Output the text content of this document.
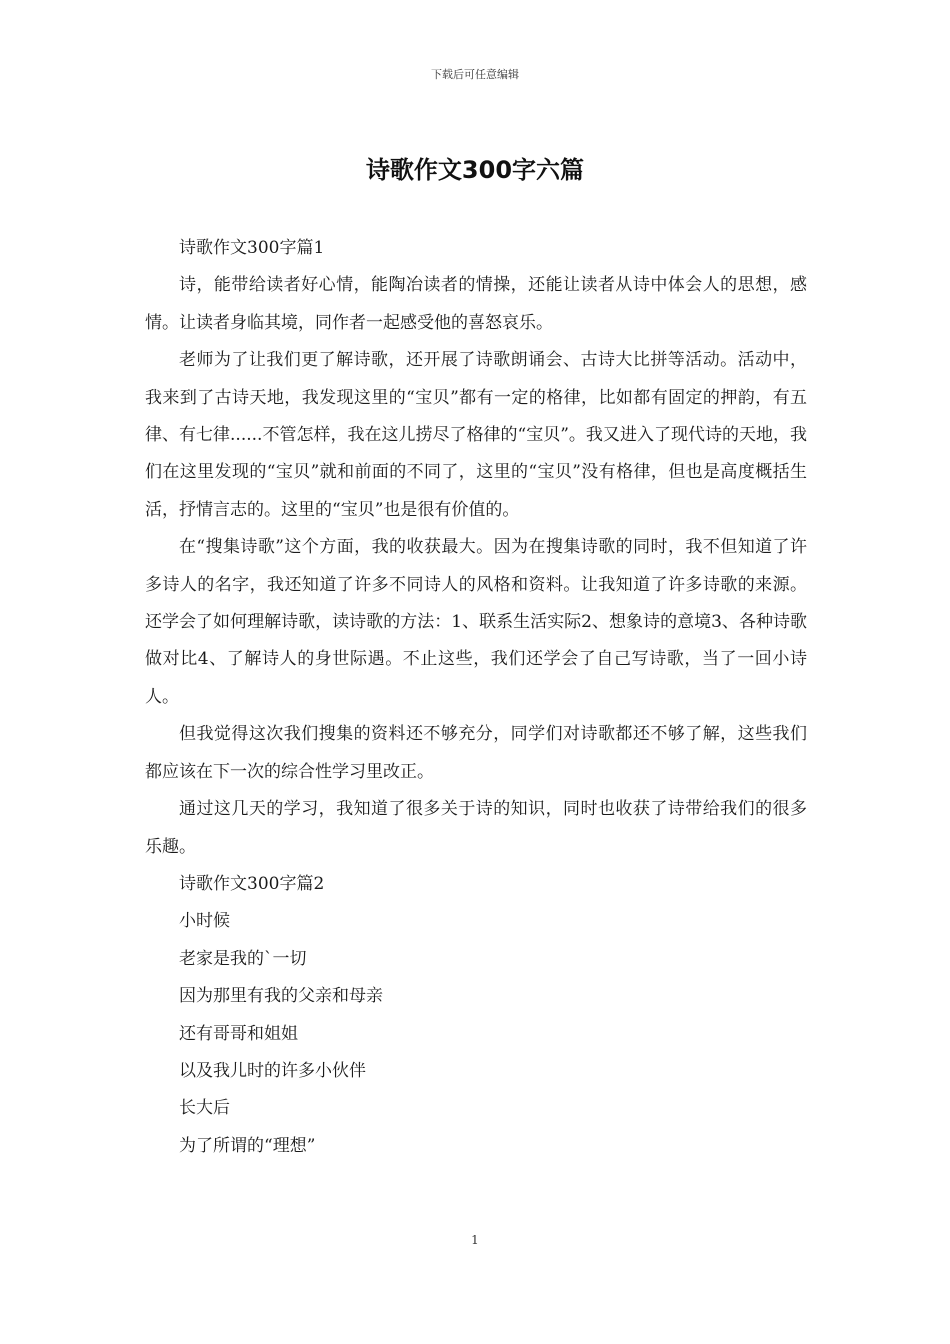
下载后可任意编辑
诗歌作文300字六篇

诗歌作文300字篇1

诗，能带给读者好心情，能陶冶读者的情操，还能让读者从诗中体会人的思想，感情。让读者身临其境，同作者一起感受他的喜怒哀乐。

老师为了让我们更了解诗歌，还开展了诗歌朗诵会、古诗大比拼等活动。活动中，我来到了古诗天地，我发现这里的“宝贝”都有一定的格律，比如都有固定的押韵，有五律、有七律......不管怎样，我在这儿捞尽了格律的“宝贝”。我又进入了现代诗的天地，我们在这里发现的“宝贝”就和前面的不同了，这里的“宝贝”没有格律，但也是高度概括生活，抒情言志的。这里的“宝贝”也是很有价值的。

在“搜集诗歌”这个方面，我的收获最大。因为在搜集诗歌的同时，我不但知道了许多诗人的名字，我还知道了许多不同诗人的风格和资料。让我知道了许多诗歌的来源。还学会了如何理解诗歌，读诗歌的方法：1、联系生活实际2、想象诗的意境3、各种诗歌做对比4、了解诗人的身世际遇。不止这些，我们还学会了自己写诗歌，当了一回小诗人。

但我觉得这次我们搜集的资料还不够充分，同学们对诗歌都还不够了解，这些我们都应该在下一次的综合性学习里改正。

通过这几天的学习，我知道了很多关于诗的知识，同时也收获了诗带给我们的很多乐趣。

诗歌作文300字篇2

小时候

老家是我的`一切

因为那里有我的父亲和母亲

还有哥哥和姐姐

以及我儿时的许多小伙伴

长大后

为了所谓的“理想”

1
